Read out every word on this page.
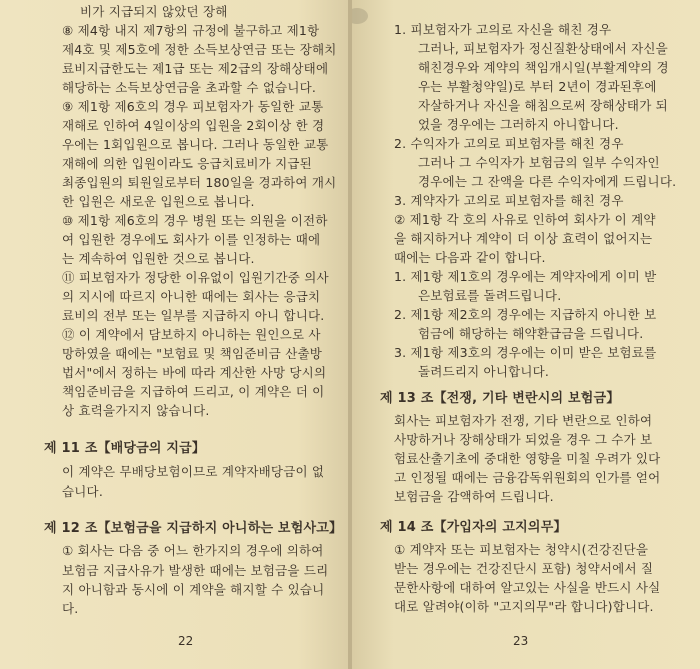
비가 지급되지 않았던 장해
⑧ 제4항 내지 제7항의 규정에 불구하고 제1항
제4호 및 제5호에 정한 소득보상연금 또는 장해치
료비지급한도는 제1급 또는 제2급의 장해상태에
해당하는 소득보상연금을 초과할 수 없습니다.
⑨ 제1항 제6호의 경우 피보험자가 동일한 교통
재해로 인하여 4일이상의 입원을 2회이상 한 경
우에는 1회입원으로 봅니다. 그러나 동일한 교통
재해에 의한 입원이라도 응급치료비가 지급된
최종입원의 퇴원일로부터 180일을 경과하여 개시
한 입원은 새로운 입원으로 봅니다.
⑩ 제1항 제6호의 경우 병원 또는 의원을 이전하
여 입원한 경우에도 회사가 이를 인정하는 때에
는 계속하여 입원한 것으로 봅니다.
⑪ 피보험자가 정당한 이유없이 입원기간중 의사
의 지시에 따르지 아니한 때에는 회사는 응급치
료비의 전부 또는 일부를 지급하지 아니 합니다.
⑫ 이 계약에서 담보하지 아니하는 원인으로 사
망하였을 때에는 "보험료 및 책임준비금 산출방
법서"에서 정하는 바에 따라 계산한 사망 당시의
책임준비금을 지급하여 드리고, 이 계약은 더 이
상 효력을가지지 않습니다.
제 11 조【배당금의 지급】
이 계약은 무배당보험이므로 계약자배당금이 없
습니다.
제 12 조【보험금을 지급하지 아니하는 보험사고】
① 회사는 다음 중 어느 한가지의 경우에 의하여
보험금 지급사유가 발생한 때에는 보험금을 드리
지 아니함과 동시에 이 계약을 해지할 수 있습니
다.
22
1. 피보험자가 고의로 자신을 해친 경우
그러나, 피보험자가 정신질환상태에서 자신을
해친경우와 계약의 책임개시일(부활계약의 경
우는 부활청약일)로 부터 2년이 경과된후에
자살하거나 자신을 해침으로써 장해상태가 되
었을 경우에는 그러하지 아니합니다.
2. 수익자가 고의로 피보험자를 해친 경우
그러나 그 수익자가 보험금의 일부 수익자인
경우에는 그 잔액을 다른 수익자에게 드립니다.
3. 계약자가 고의로 피보험자를 해친 경우
② 제1항 각 호의 사유로 인하여 회사가 이 계약
을 해지하거나 계약이 더 이상 효력이 없어지는
때에는 다음과 같이 합니다.
1. 제1항 제1호의 경우에는 계약자에게 이미 받
은보험료를 돌려드립니다.
2. 제1항 제2호의 경우에는 지급하지 아니한 보
험금에 해당하는 해약환급금을 드립니다.
3. 제1항 제3호의 경우에는 이미 받은 보험료를
돌려드리지 아니합니다.
제 13 조【전쟁, 기타 변란시의 보험금】
회사는 피보험자가 전쟁, 기타 변란으로 인하여
사망하거나 장해상태가 되었을 경우 그 수가 보
험료산출기초에 중대한 영향을 미칠 우려가 있다
고 인정될 때에는 금융감독위원회의 인가를 얻어
보험금을 감액하여 드립니다.
제 14 조【가입자의 고지의무】
① 계약자 또는 피보험자는 청약시(건강진단을
받는 경우에는 건강진단시 포함) 청약서에서 질
문한사항에 대하여 알고있는 사실을 반드시 사실
대로 알려야(이하 "고지의무"라 합니다)합니다.
23
